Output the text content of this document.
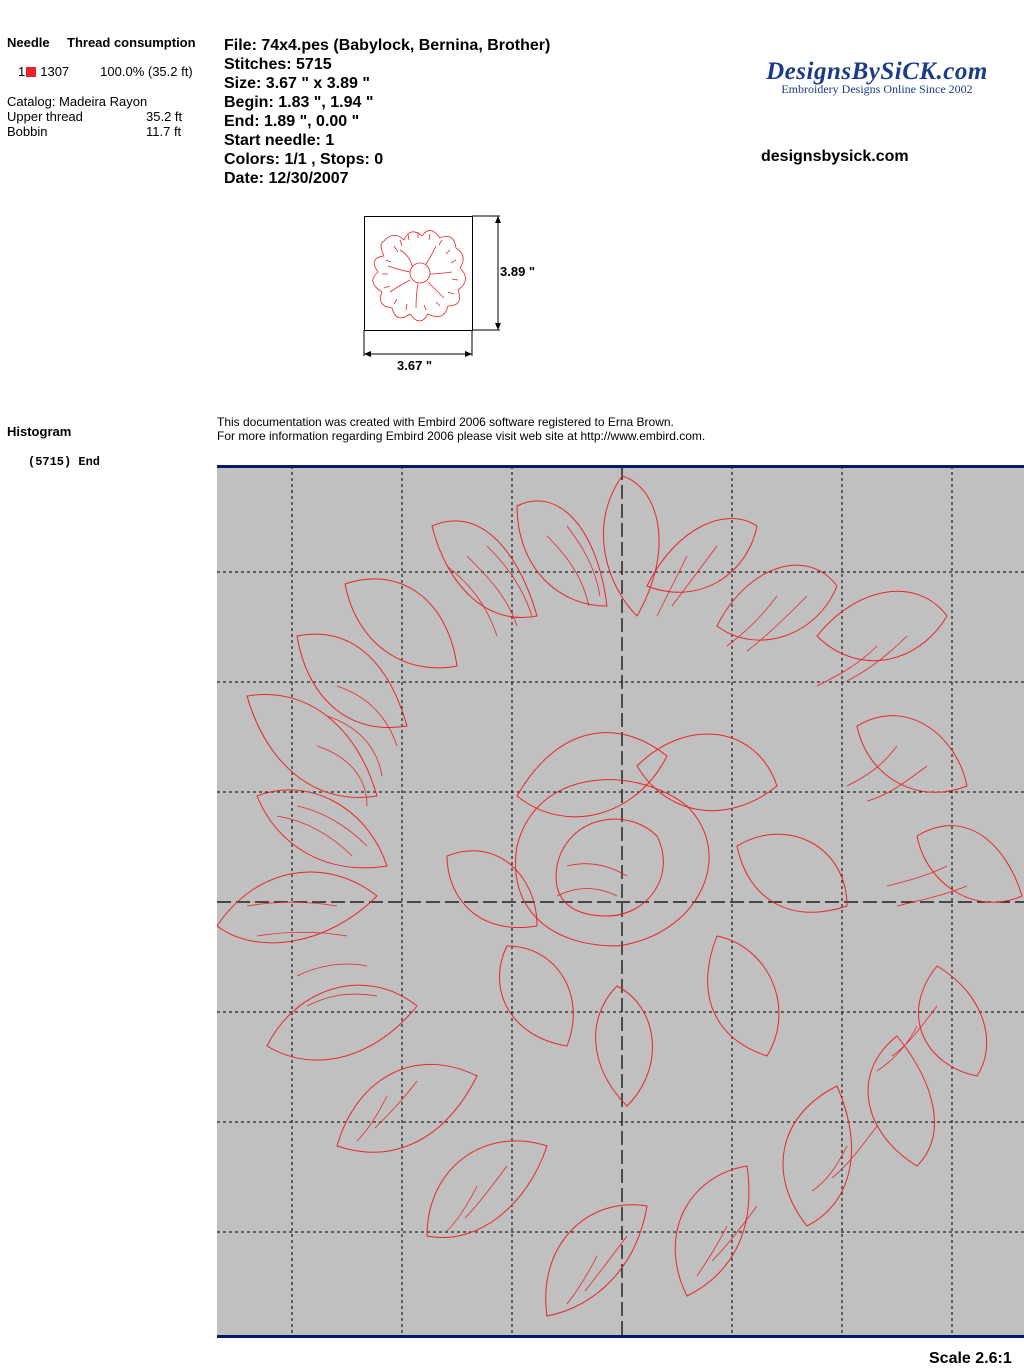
Needle Thread consumption
1 1307 100.0% (35.2 ft)
Catalog: Madeira Rayon
Upper thread	35.2 ft
Bobbin	11.7 ft
Histogram
(5715) End
File: 74x4.pes (Babylock, Bernina, Brother)
Stitches: 5715
Size: 3.67 " x 3.89 "
Begin: 1.83 ", 1.94 "
End: 1.89 ", 0.00 "
Start needle: 1
Colors: 1/1 , Stops: 0
Date: 12/30/2007
DesignsBySiCK.com
Embroidery Designs Online Since 2002
designsbysick.com
3.89 "
3.67 "
This documentation was created with Embird 2006 software registered to Erna Brown.
For more information regarding Embird 2006 please visit web site at http://www.embird.com.
Scale 2.6:1
